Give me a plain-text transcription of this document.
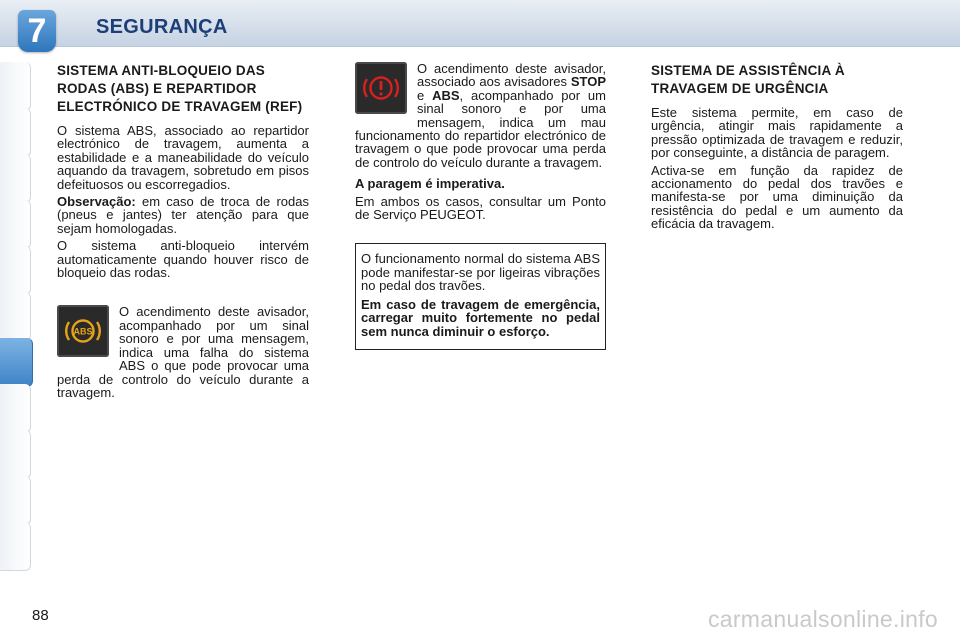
7	SEGURANÇA
SISTEMA ANTI-BLOQUEIO DAS RODAS (ABS) E REPARTIDOR ELECTRÓNICO DE TRAVAGEM (REF)

O sistema ABS, associado ao repartidor electrónico de travagem, aumenta a estabilidade e a maneabilidade do veículo aquando da travagem, sobretudo em pisos defeituosos ou escorregadios.

Observação: em caso de troca de rodas (pneus e jantes) ter atenção para que sejam homologadas.

O sistema anti-bloqueio intervém automaticamente quando houver risco de bloqueio das rodas.

ABS

O acendimento deste avisador, acompanhado por um sinal sonoro e por uma mensagem, indica uma falha do sistema ABS o que pode provocar uma perda de controlo do veículo durante a travagem.

O acendimento deste avisador, associado aos avisadores STOP e ABS, acompanhado por um sinal sonoro e por uma mensagem, indica um mau funcionamento do repartidor electrónico de travagem o que pode provocar uma perda de controlo do veículo durante a travagem.

A paragem é imperativa.

Em ambos os casos, consultar um Ponto de Serviço PEUGEOT.

O funcionamento normal do sistema ABS pode manifestar-se por ligeiras vibrações no pedal dos travões.

Em caso de travagem de emergência, carregar muito fortemente no pedal sem nunca diminuir o esforço.

SISTEMA DE ASSISTÊNCIA À TRAVAGEM DE URGÊNCIA

Este sistema permite, em caso de urgência, atingir mais rapidamente a pressão optimizada de travagem e reduzir, por conseguinte, a distância de paragem.

Activa-se em função da rapidez de accionamento do pedal dos travões e manifesta-se por uma diminuição da resistência do pedal e um aumento da eficácia da travagem.

88	carmanualsonline.info
